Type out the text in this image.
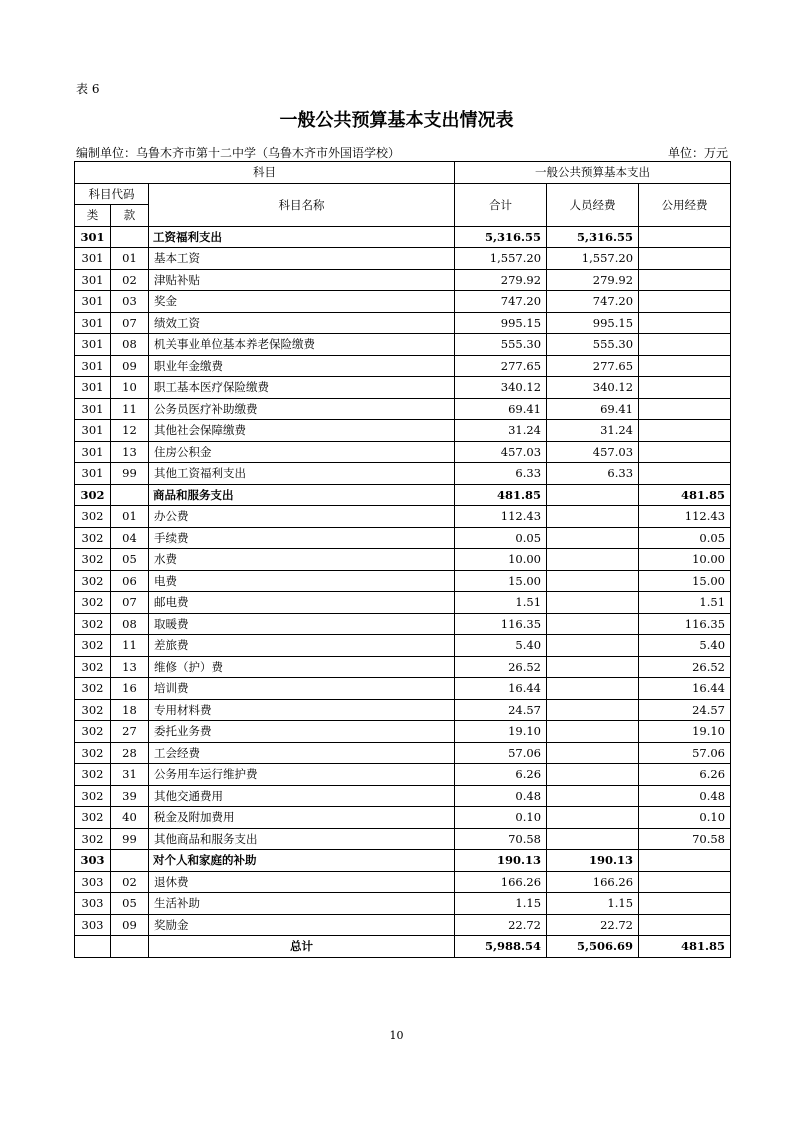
表 6
一般公共预算基本支出情况表
编制单位：乌鲁木齐市第十二中学（乌鲁木齐市外国语学校）	单位：万元
科目			一般公共预算基本支出		
科目代码		科目名称	合计	人员经费	公用经费
类	款				
301		工资福利支出	5,316.55	5,316.55	
301	01	基本工资	1,557.20	1,557.20	
301	02	津贴补贴	279.92	279.92	
301	03	奖金	747.20	747.20	
301	07	绩效工资	995.15	995.15	
301	08	机关事业单位基本养老保险缴费	555.30	555.30	
301	09	职业年金缴费	277.65	277.65	
301	10	职工基本医疗保险缴费	340.12	340.12	
301	11	公务员医疗补助缴费	69.41	69.41	
301	12	其他社会保障缴费	31.24	31.24	
301	13	住房公积金	457.03	457.03	
301	99	其他工资福利支出	6.33	6.33	
302		商品和服务支出	481.85		481.85
302	01	办公费	112.43		112.43
302	04	手续费	0.05		0.05
302	05	水费	10.00		10.00
302	06	电费	15.00		15.00
302	07	邮电费	1.51		1.51
302	08	取暖费	116.35		116.35
302	11	差旅费	5.40		5.40
302	13	维修（护）费	26.52		26.52
302	16	培训费	16.44		16.44
302	18	专用材料费	24.57		24.57
302	27	委托业务费	19.10		19.10
302	28	工会经费	57.06		57.06
302	31	公务用车运行维护费	6.26		6.26
302	39	其他交通费用	0.48		0.48
302	40	税金及附加费用	0.10		0.10
302	99	其他商品和服务支出	70.58		70.58
303		对个人和家庭的补助	190.13	190.13	
303	02	退休费	166.26	166.26	
303	05	生活补助	1.15	1.15	
303	09	奖励金	22.72	22.72	
		总计	5,988.54	5,506.69	481.85
10
